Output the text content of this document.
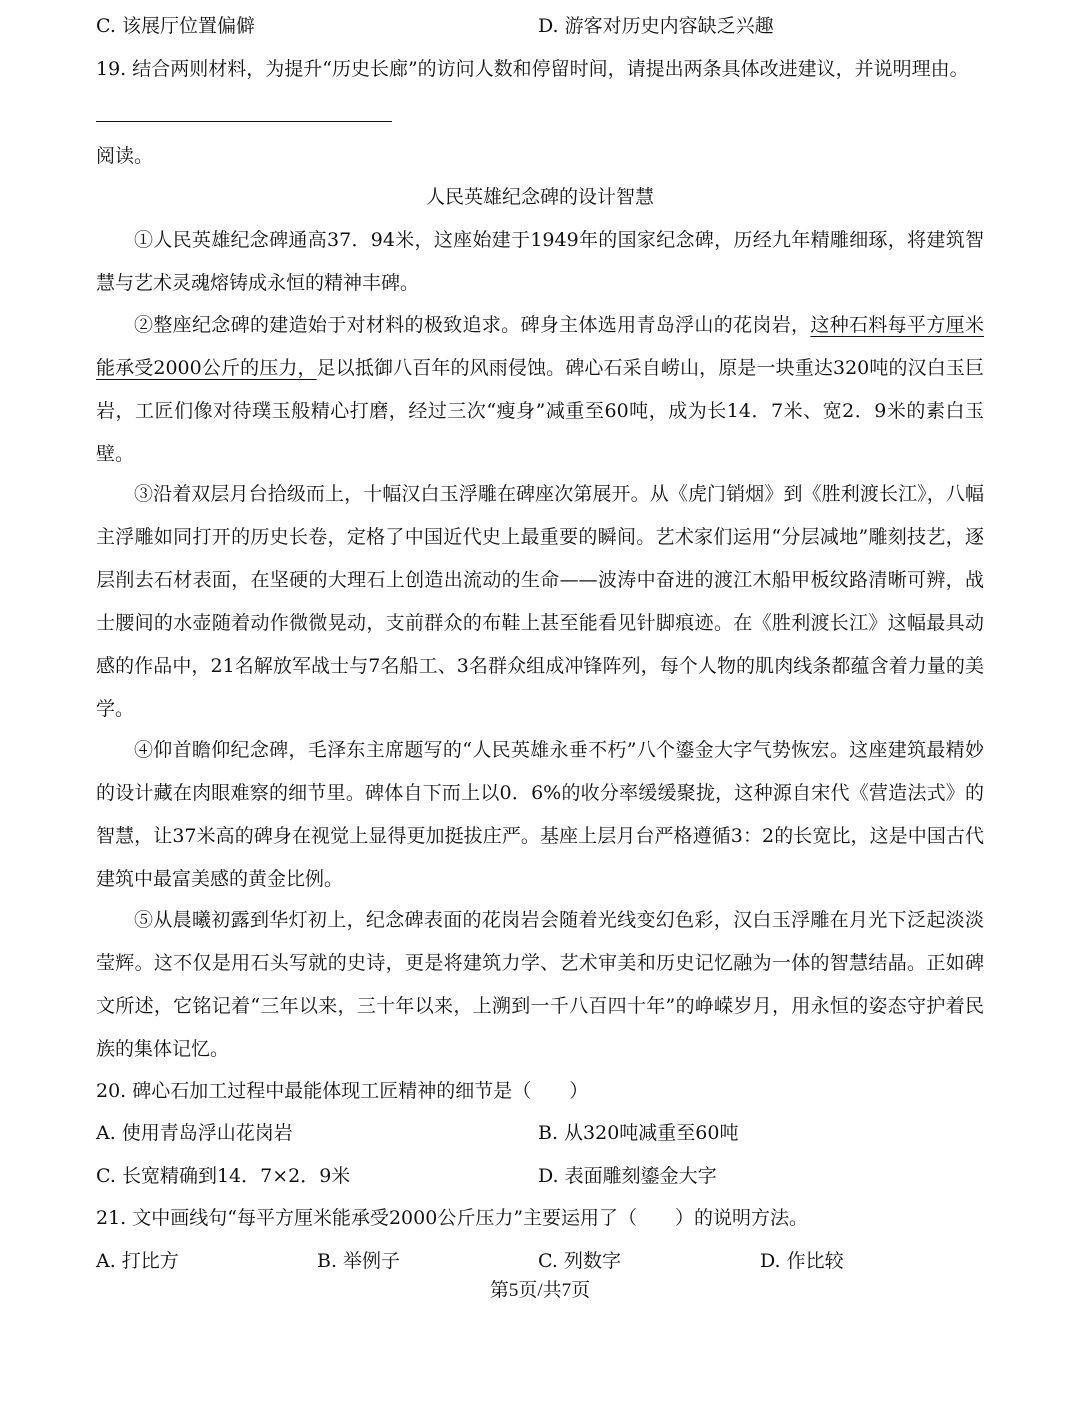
C. 该展厅位置偏僻	D. 游客对历史内容缺乏兴趣
19. 结合两则材料，为提升“历史长廊”的访问人数和停留时间，请提出两条具体改进建议，并说明理由。
阅读。
人民英雄纪念碑的设计智慧
①人民英雄纪念碑通高37．94米，这座始建于1949年的国家纪念碑，历经九年精雕细琢，将建筑智慧与艺术灵魂熔铸成永恒的精神丰碑。
②整座纪念碑的建造始于对材料的极致追求。碑身主体选用青岛浮山的花岗岩，这种石料每平方厘米能承受2000公斤的压力，足以抵御八百年的风雨侵蚀。碑心石采自崂山，原是一块重达320吨的汉白玉巨岩，工匠们像对待璞玉般精心打磨，经过三次“瘦身”减重至60吨，成为长14．7米、宽2．9米的素白玉壁。
③沿着双层月台拾级而上，十幅汉白玉浮雕在碑座次第展开。从《虎门销烟》到《胜利渡长江》，八幅主浮雕如同打开的历史长卷，定格了中国近代史上最重要的瞬间。艺术家们运用“分层减地”雕刻技艺，逐层削去石材表面，在坚硬的大理石上创造出流动的生命——波涛中奋进的渡江木船甲板纹路清晰可辨，战士腰间的水壶随着动作微微晃动，支前群众的布鞋上甚至能看见针脚痕迹。在《胜利渡长江》这幅最具动感的作品中，21名解放军战士与7名船工、3名群众组成冲锋阵列，每个人物的肌肉线条都蕴含着力量的美学。
④仰首瞻仰纪念碑，毛泽东主席题写的“人民英雄永垂不朽”八个鎏金大字气势恢宏。这座建筑最精妙的设计藏在肉眼难察的细节里。碑体自下而上以0．6%的收分率缓缓聚拢，这种源自宋代《营造法式》的智慧，让37米高的碑身在视觉上显得更加挺拔庄严。基座上层月台严格遵循3：2的长宽比，这是中国古代建筑中最富美感的黄金比例。
⑤从晨曦初露到华灯初上，纪念碑表面的花岗岩会随着光线变幻色彩，汉白玉浮雕在月光下泛起淡淡莹辉。这不仅是用石头写就的史诗，更是将建筑力学、艺术审美和历史记忆融为一体的智慧结晶。正如碑文所述，它铭记着“三年以来，三十年以来，上溯到一千八百四十年”的峥嵘岁月，用永恒的姿态守护着民族的集体记忆。
20. 碑心石加工过程中最能体现工匠精神的细节是（　　）
A. 使用青岛浮山花岗岩	B. 从320吨减重至60吨
C. 长宽精确到14．7×2．9米	D. 表面雕刻鎏金大字
21. 文中画线句“每平方厘米能承受2000公斤压力”主要运用了（　　）的说明方法。
A. 打比方	B. 举例子	C. 列数字	D. 作比较
第5页/共7页
